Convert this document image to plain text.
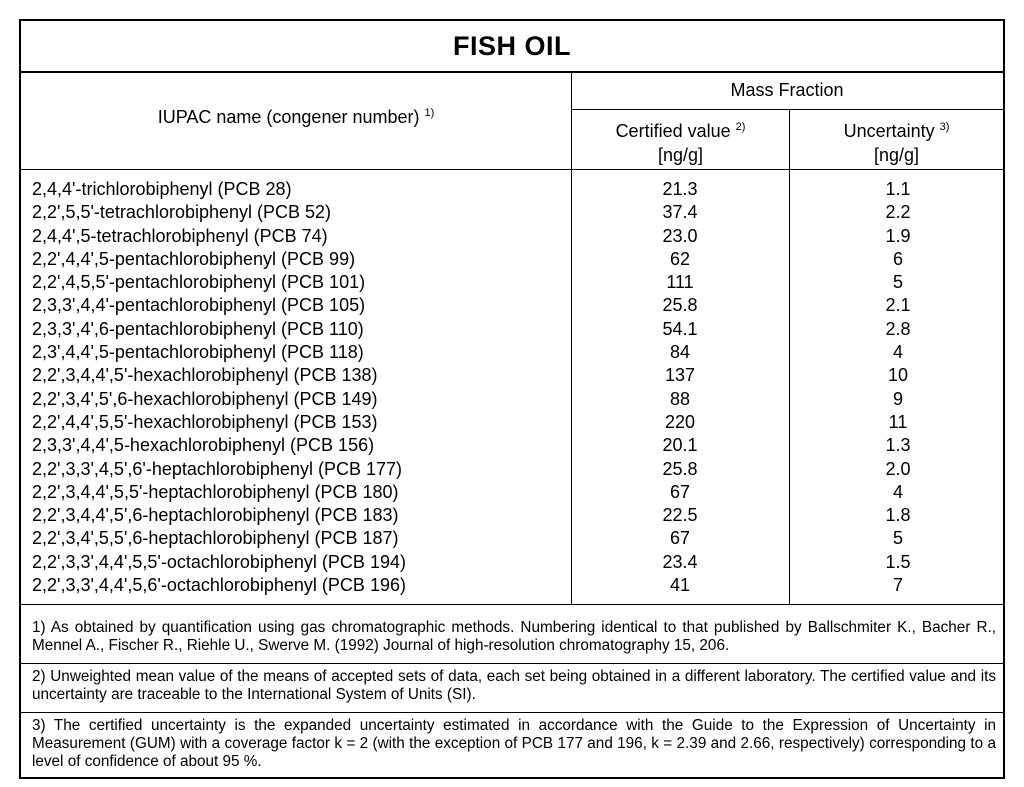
FISH OIL
IUPAC name (congener number) $^{1)}$
Mass Fraction
Certified value $^{2)}$
[ng/g]
Uncertainty $^{3)}$
[ng/g]
2,4,4'-trichlorobiphenyl (PCB 28)
2,2',5,5'-tetrachlorobiphenyl (PCB 52)
2,4,4',5-tetrachlorobiphenyl (PCB 74)
2,2',4,4',5-pentachlorobiphenyl (PCB 99)
2,2',4,5,5'-pentachlorobiphenyl (PCB 101)
2,3,3',4,4'-pentachlorobiphenyl (PCB 105)
2,3,3',4',6-pentachlorobiphenyl (PCB 110)
2,3',4,4',5-pentachlorobiphenyl (PCB 118)
2,2',3,4,4',5'-hexachlorobiphenyl (PCB 138)
2,2',3,4',5',6-hexachlorobiphenyl (PCB 149)
2,2',4,4',5,5'-hexachlorobiphenyl (PCB 153)
2,3,3',4,4',5-hexachlorobiphenyl (PCB 156)
2,2',3,3',4,5',6'-heptachlorobiphenyl (PCB 177)
2,2',3,4,4',5,5'-heptachlorobiphenyl (PCB 180)
2,2',3,4,4',5',6-heptachlorobiphenyl (PCB 183)
2,2',3,4',5,5',6-heptachlorobiphenyl (PCB 187)
2,2',3,3',4,4',5,5'-octachlorobiphenyl (PCB 194)
2,2',3,3',4,4',5,6'-octachlorobiphenyl (PCB 196)
21.3
37.4
23.0
62
111
25.8
54.1
84
137
88
220
20.1
25.8
67
22.5
67
23.4
41
1.1
2.2
1.9
6
5
2.1
2.8
4
10
9
11
1.3
2.0
4
1.8
5
1.5
7
1) As obtained by quantification using gas chromatographic methods. Numbering identical to that published by Ballschmiter K., Bacher R., Mennel A., Fischer R., Riehle U., Swerve M. (1992) Journal of high-resolution chromatography 15, 206.
2) Unweighted mean value of the means of accepted sets of data, each set being obtained in a different laboratory. The certified value and its uncertainty are traceable to the International System of Units (SI).
3) The certified uncertainty is the expanded uncertainty estimated in accordance with the Guide to the Expression of Uncertainty in Measurement (GUM) with a coverage factor k = 2 (with the exception of PCB 177 and 196, k = 2.39 and 2.66, respectively) corresponding to a level of confidence of about 95 %.
